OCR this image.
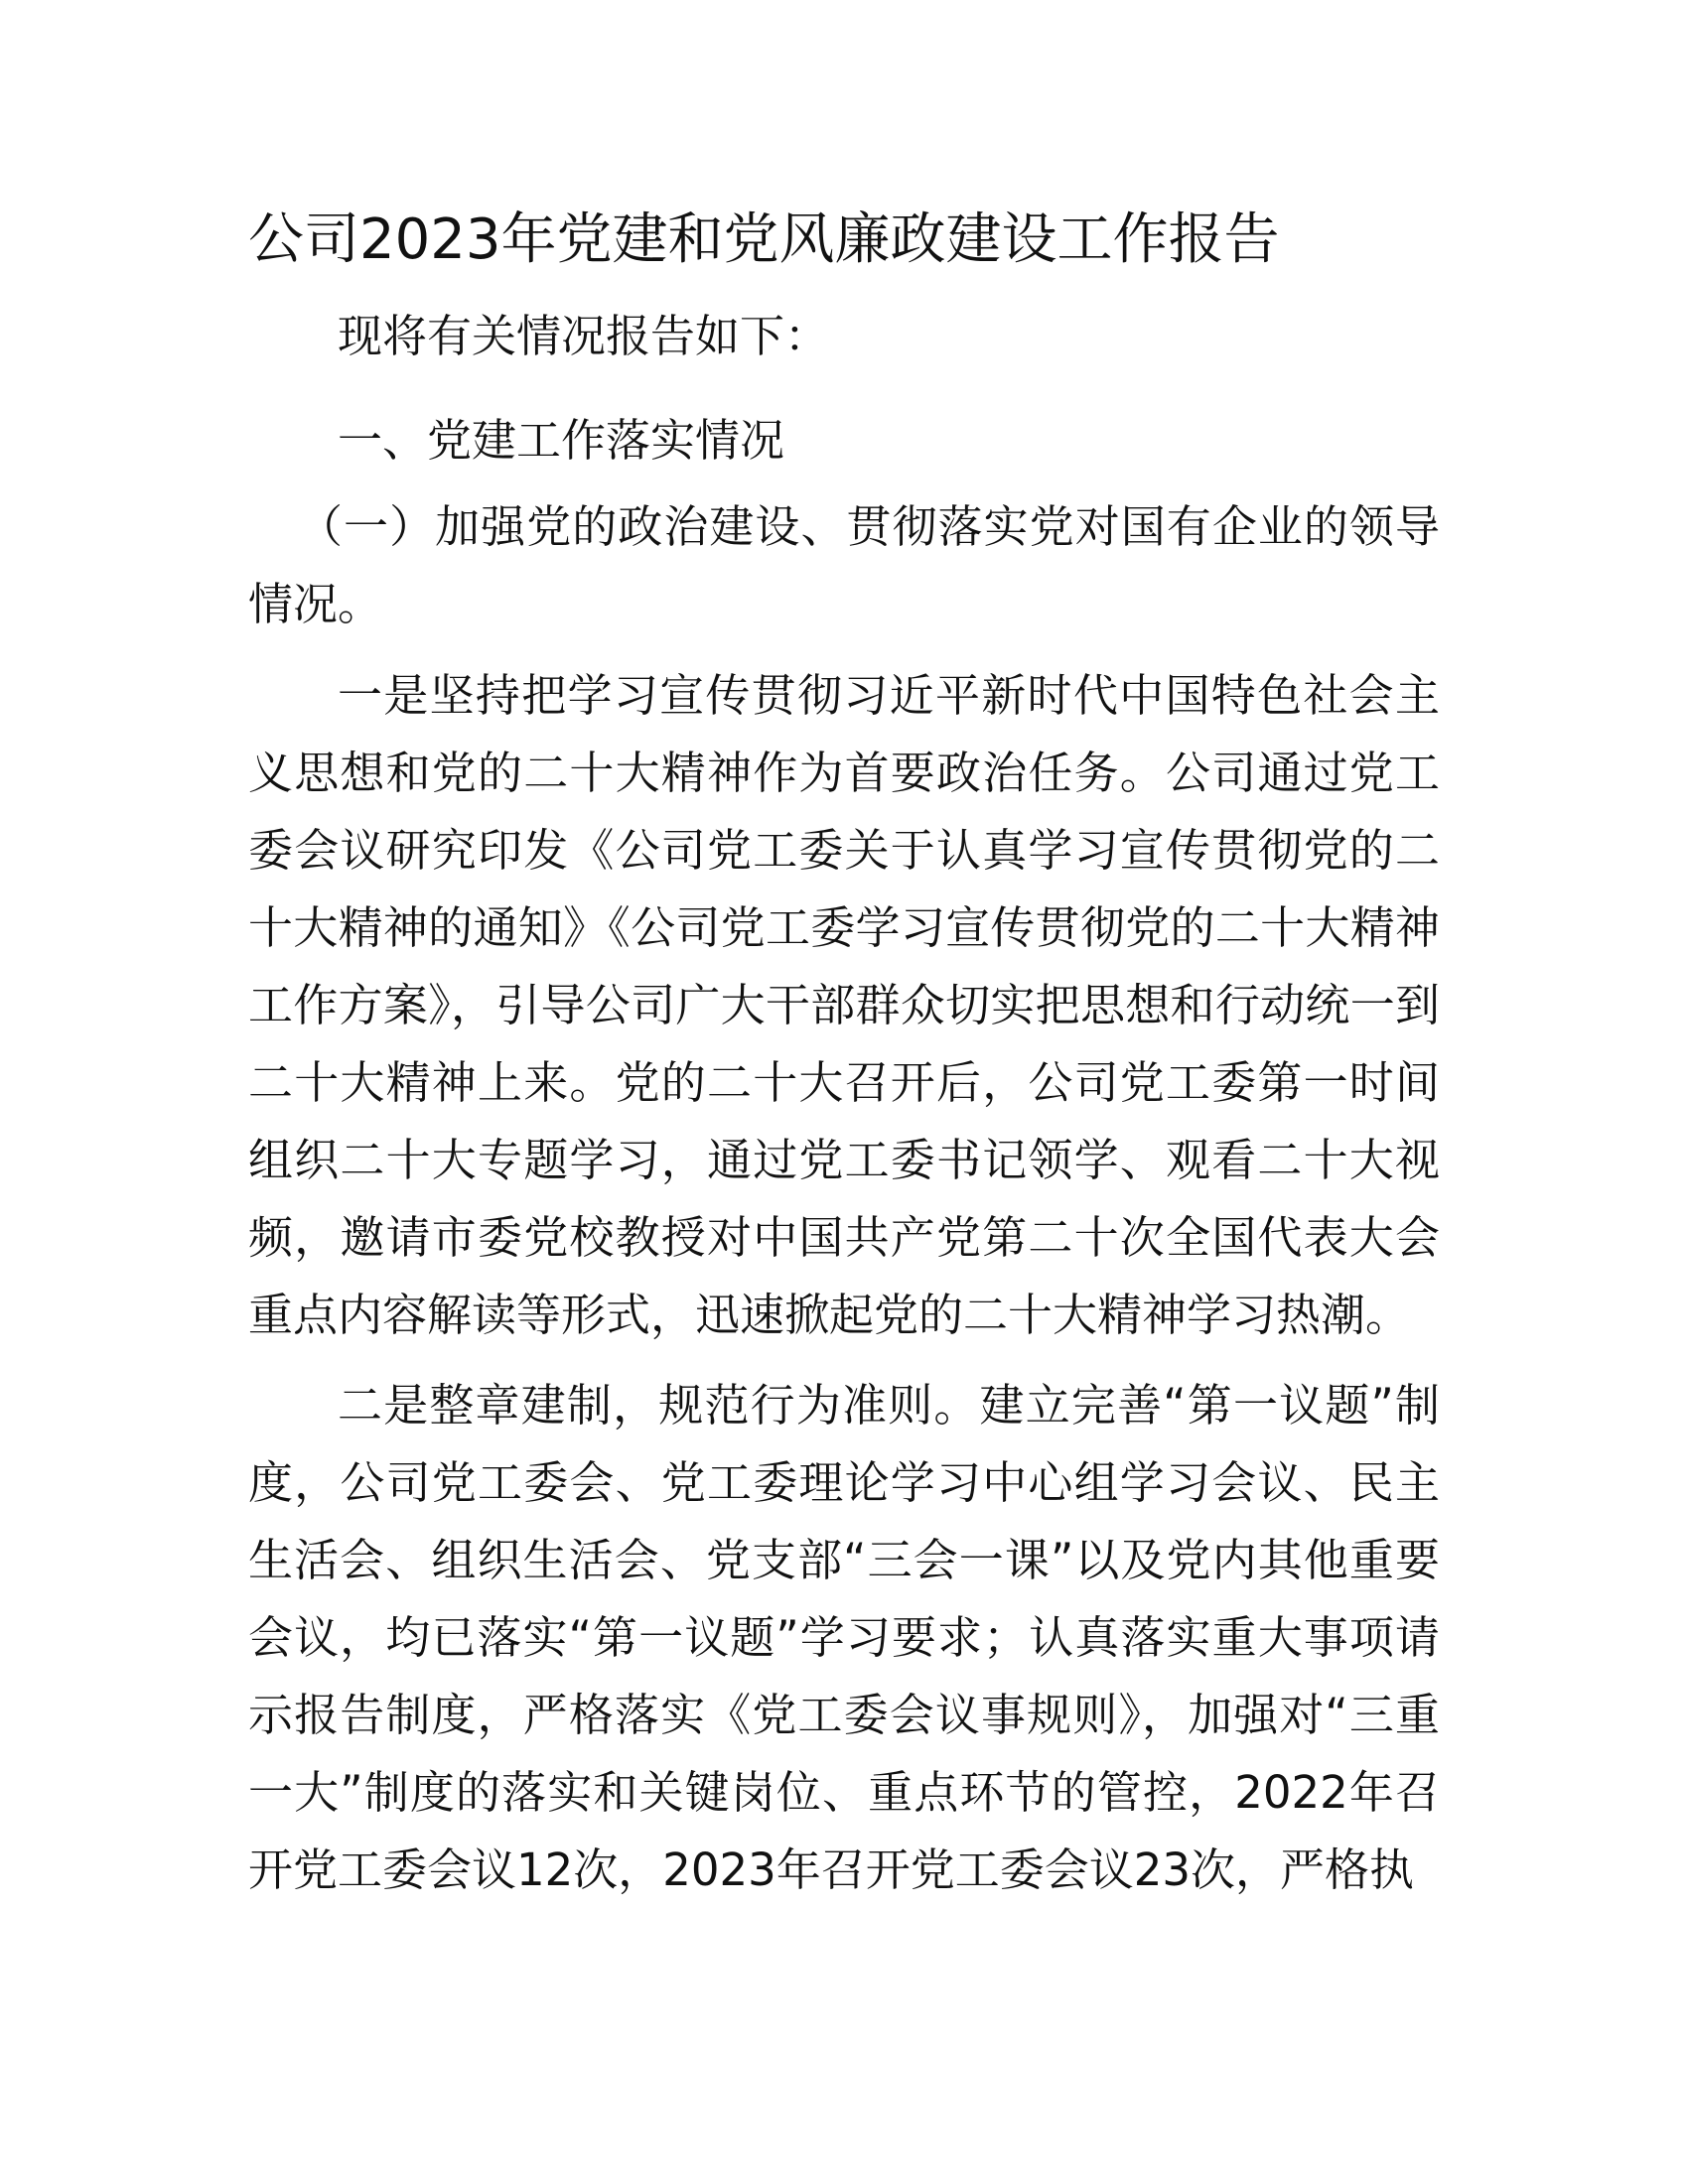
公司2023年党建和党风廉政建设工作报告

现将有关情况报告如下：

一、党建工作落实情况

（一）加强党的政治建设、贯彻落实党对国有企业的领导情况。

一是坚持把学习宣传贯彻习近平新时代中国特色社会主义思想和党的二十大精神作为首要政治任务。公司通过党工委会议研究印发《公司党工委关于认真学习宣传贯彻党的二十大精神的通知》《公司党工委学习宣传贯彻党的二十大精神工作方案》，引导公司广大干部群众切实把思想和行动统一到二十大精神上来。党的二十大召开后，公司党工委第一时间组织二十大专题学习，通过党工委书记领学、观看二十大视频，邀请市委党校教授对中国共产党第二十次全国代表大会重点内容解读等形式，迅速掀起党的二十大精神学习热潮。

二是整章建制，规范行为准则。建立完善“第一议题”制度，公司党工委会、党工委理论学习中心组学习会议、民主生活会、组织生活会、党支部“三会一课”以及党内其他重要会议，均已落实“第一议题”学习要求；认真落实重大事项请示报告制度，严格落实《党工委会议事规则》，加强对“三重一大”制度的落实和关键岗位、重点环节的管控，2022年召开党工委会议12次，2023年召开党工委会议23次，严格执
